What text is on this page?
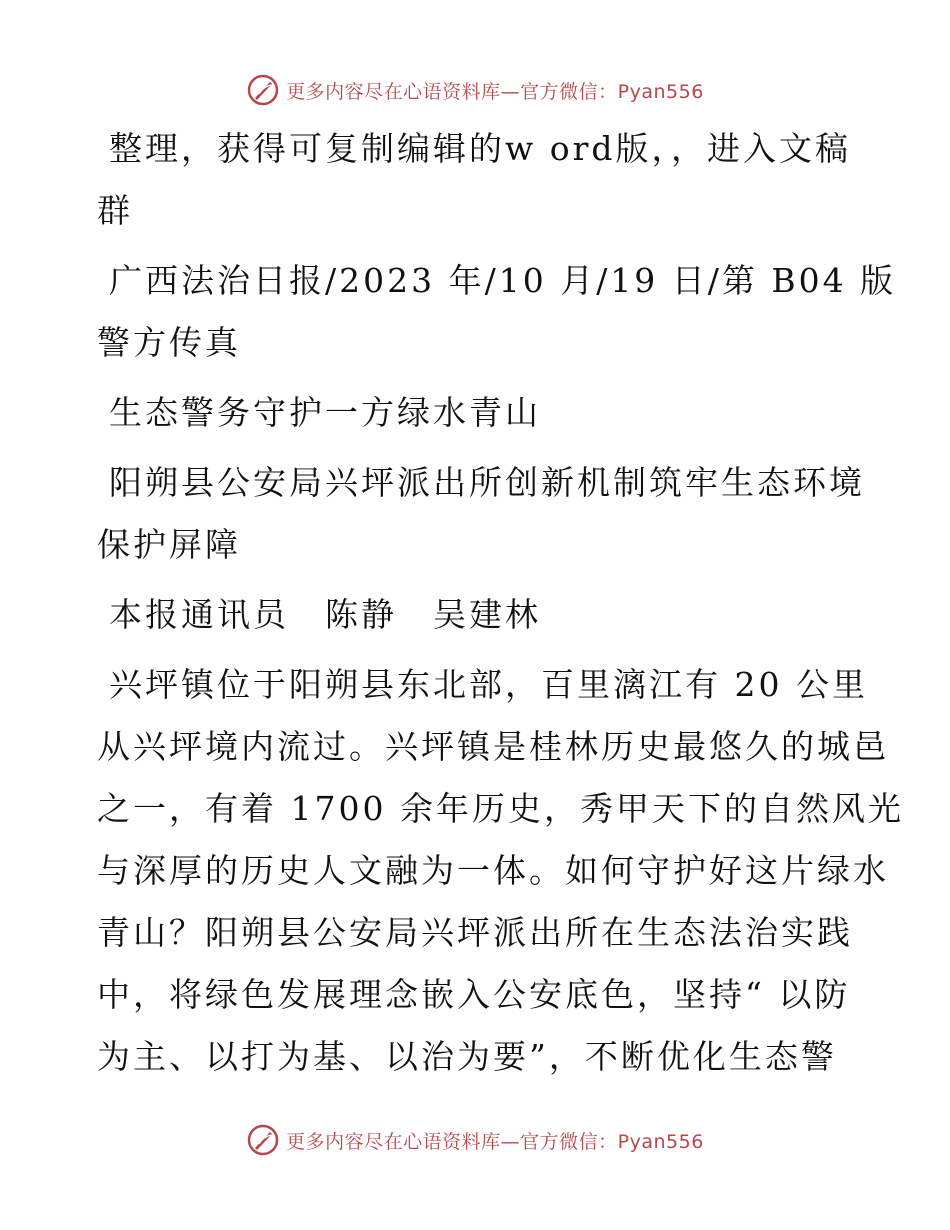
更多内容尽在心语资料库—官方微信：Pyan556

整理，获得可复制编辑的w ord版，，进入文稿
群

广西法治日报/2023 年/10 月/19 日/第 B04 版
警方传真

生态警务守护一方绿水青山

阳朔县公安局兴坪派出所创新机制筑牢生态环境
保护屏障

本报通讯员　陈静　吴建林

兴坪镇位于阳朔县东北部，百里漓江有 20 公里
从兴坪境内流过。兴坪镇是桂林历史最悠久的城邑
之一，有着 1700 余年历史，秀甲天下的自然风光
与深厚的历史人文融为一体。如何守护好这片绿水
青山？阳朔县公安局兴坪派出所在生态法治实践
中，将绿色发展理念嵌入公安底色，坚持“ 以防
为主、以打为基、以治为要”，不断优化生态警

更多内容尽在心语资料库—官方微信：Pyan556
